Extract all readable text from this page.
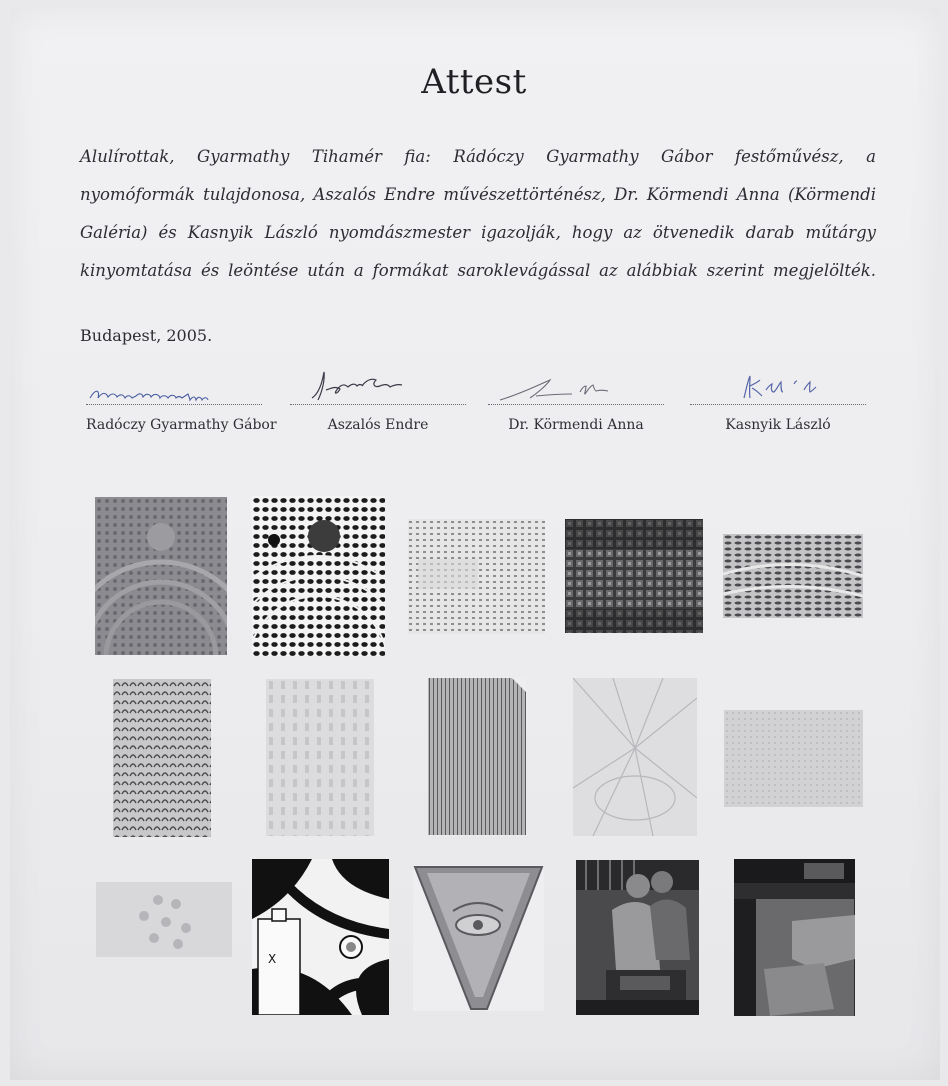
Attest
Alulírottak, Gyarmathy Tihamér fia: Rádóczy Gyarmathy Gábor festőművész, a
nyomóformák tulajdonosa, Aszalós Endre művészettörténész, Dr. Körmendi Anna (Körmendi
Galéria) és Kasnyik László nyomdászmester igazolják, hogy az ötvenedik darab műtárgy
kinyomtatása és leöntése után a formákat saroklevágással az alábbiak szerint megjelölték.
Budapest, 2005.
Radóczy Gyarmathy Gábor	Aszalós Endre	Dr. Körmendi Anna	Kasnyik László
X
